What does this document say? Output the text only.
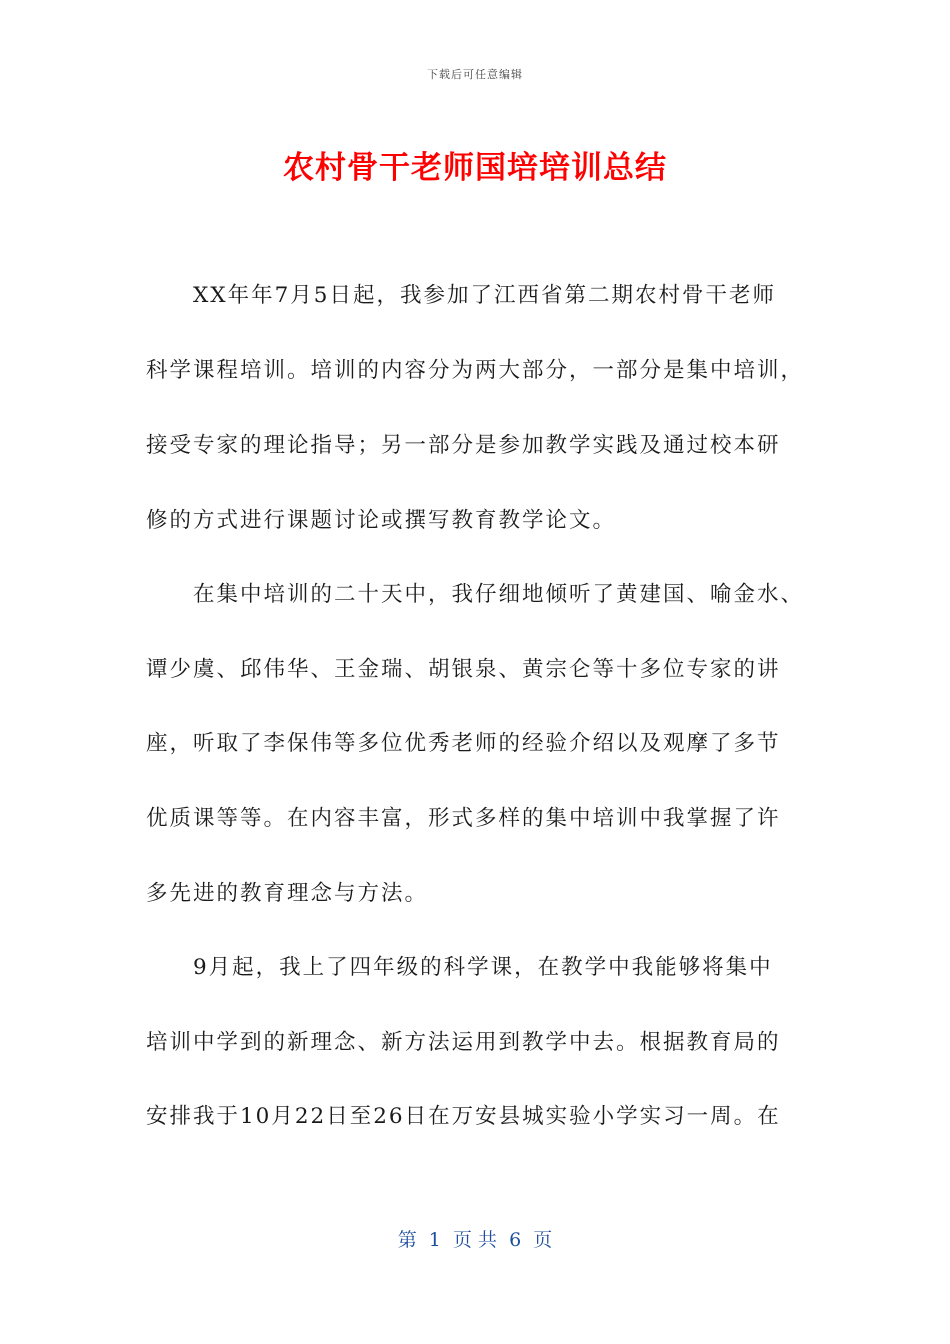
下载后可任意编辑
农村骨干老师国培培训总结
XX年年7月5日起，我参加了江西省第二期农村骨干老师
科学课程培训。培训的内容分为两大部分，一部分是集中培训，
接受专家的理论指导；另一部分是参加教学实践及通过校本研
修的方式进行课题讨论或撰写教育教学论文。
在集中培训的二十天中，我仔细地倾听了黄建国、喻金水、
谭少虞、邱伟华、王金瑞、胡银泉、黄宗仑等十多位专家的讲
座，听取了李保伟等多位优秀老师的经验介绍以及观摩了多节
优质课等等。在内容丰富，形式多样的集中培训中我掌握了许
多先进的教育理念与方法。
9月起，我上了四年级的科学课，在教学中我能够将集中
培训中学到的新理念、新方法运用到教学中去。根据教育局的
安排我于10月22日至26日在万安县城实验小学实习一周。在
第  1  页 共  6  页
